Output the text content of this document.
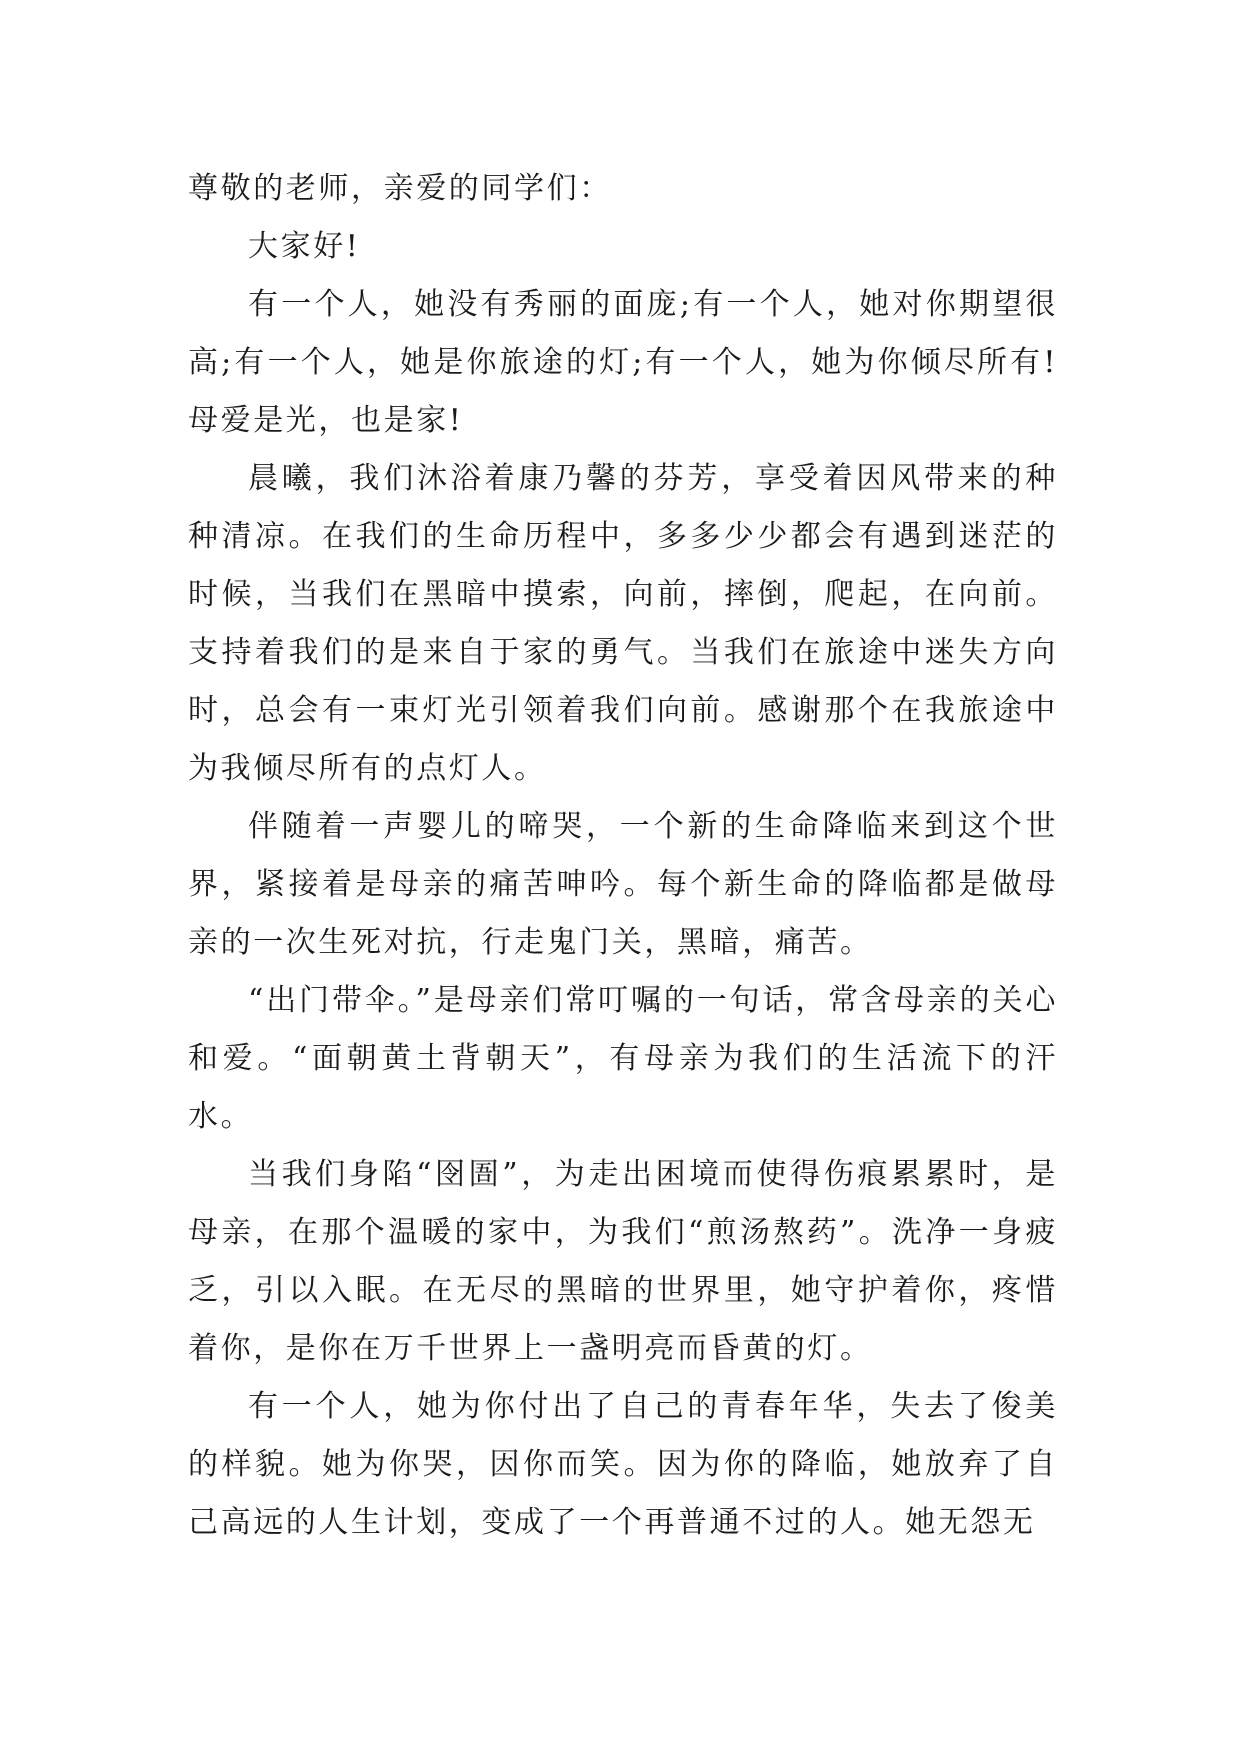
尊敬的老师，亲爱的同学们：

大家好!

有一个人，她没有秀丽的面庞;有一个人，她对你期望很高;有一个人，她是你旅途的灯;有一个人，她为你倾尽所有!母爱是光，也是家!

晨曦，我们沐浴着康乃馨的芬芳，享受着因风带来的种种清凉。在我们的生命历程中，多多少少都会有遇到迷茫的时候，当我们在黑暗中摸索，向前，摔倒，爬起，在向前。支持着我们的是来自于家的勇气。当我们在旅途中迷失方向时，总会有一束灯光引领着我们向前。感谢那个在我旅途中为我倾尽所有的点灯人。

伴随着一声婴儿的啼哭，一个新的生命降临来到这个世界，紧接着是母亲的痛苦呻吟。每个新生命的降临都是做母亲的一次生死对抗，行走鬼门关，黑暗，痛苦。

“出门带伞。”是母亲们常叮嘱的一句话，常含母亲的关心和爱。“面朝黄土背朝天”，有母亲为我们的生活流下的汗水。

当我们身陷“囹圄”，为走出困境而使得伤痕累累时，是母亲，在那个温暖的家中，为我们“煎汤熬药”。洗净一身疲乏，引以入眠。在无尽的黑暗的世界里，她守护着你，疼惜着你，是你在万千世界上一盏明亮而昏黄的灯。

有一个人，她为你付出了自己的青春年华，失去了俊美的样貌。她为你哭，因你而笑。因为你的降临，她放弃了自己高远的人生计划，变成了一个再普通不过的人。她无怨无
